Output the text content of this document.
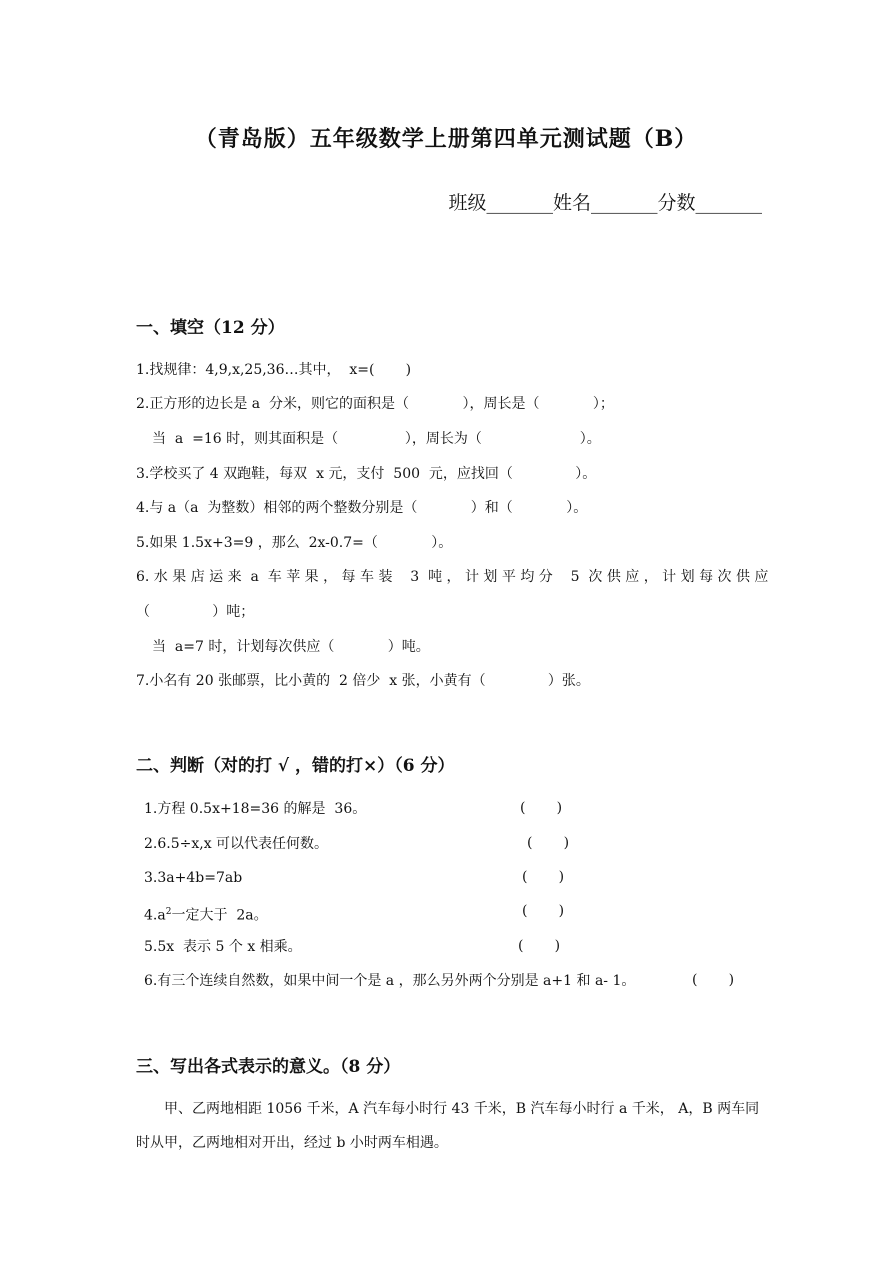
（青岛版）五年级数学上册第四单元测试题（B）
班级_______姓名_______分数_______
一、填空（12 分）
1.找规律：4,9,x,25,36…其中，  x=(       )
2.正方形的边长是 a  分米，则它的面积是（            ），周长是（            ）；
当  a  =16 时，则其面积是（               ），周长为（                      ）。
3.学校买了 4 双跑鞋，每双  x 元，支付  500  元，应找回（              ）。
4.与 a（a  为整数）相邻的两个整数分别是（            ）和（            ）。
5.如果 1.5x+3=9 ，那么  2x-0.7=（            ）。
6. 水 果 店 运 来  a  车 苹 果 ， 每 车 装    3  吨 ， 计 划 平 均 分    5  次 供 应 ， 计 划 每 次 供 应
（              ）吨；
当  a=7 时，计划每次供应（            ）吨。
7.小名有 20 张邮票，比小黄的  2 倍少  x 张，小黄有（              ）张。
二、判断（对的打 √ ，错的打×）（6 分）
1.方程 0.5x+18=36 的解是  36。	(       )
2.6.5÷x,x 可以代表任何数。	(       )
3.3a+4b=7ab	(       )
$4.a^2$一定大于  2a。	(       )
5.5x  表示 5 个 x 相乘。	(       )
6.有三个连续自然数，如果中间一个是 a ，那么另外两个分别是 a+1 和 a- 1。	(       )
三、写出各式表示的意义。（8 分）
甲、乙两地相距 1056 千米，A 汽车每小时行 43 千米，B 汽车每小时行 a 千米， A，B 两车同时从甲，乙两地相对开出，经过 b 小时两车相遇。
